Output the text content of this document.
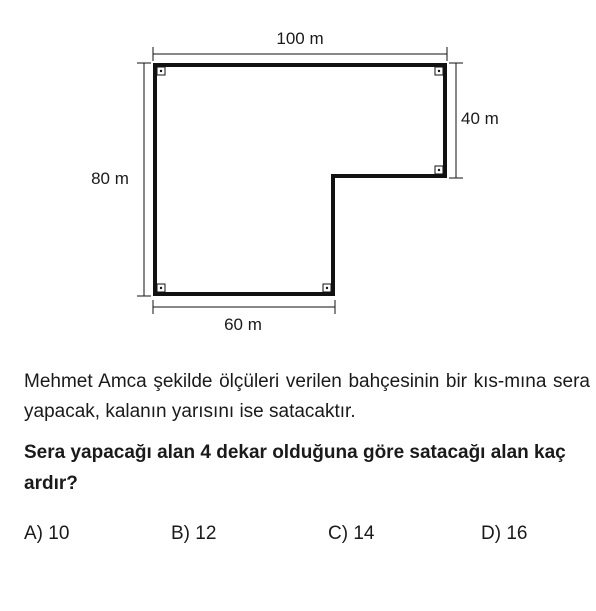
100 m
40 m
80 m
60 m

Mehmet Amca şekilde ölçüleri verilen bahçesinin bir kıs-mına sera yapacak, kalanın yarısını ise satacaktır.

Sera yapacağı alan 4 dekar olduğuna göre satacağı alan kaç ardır?

A) 10	B) 12	C) 14	D) 16
